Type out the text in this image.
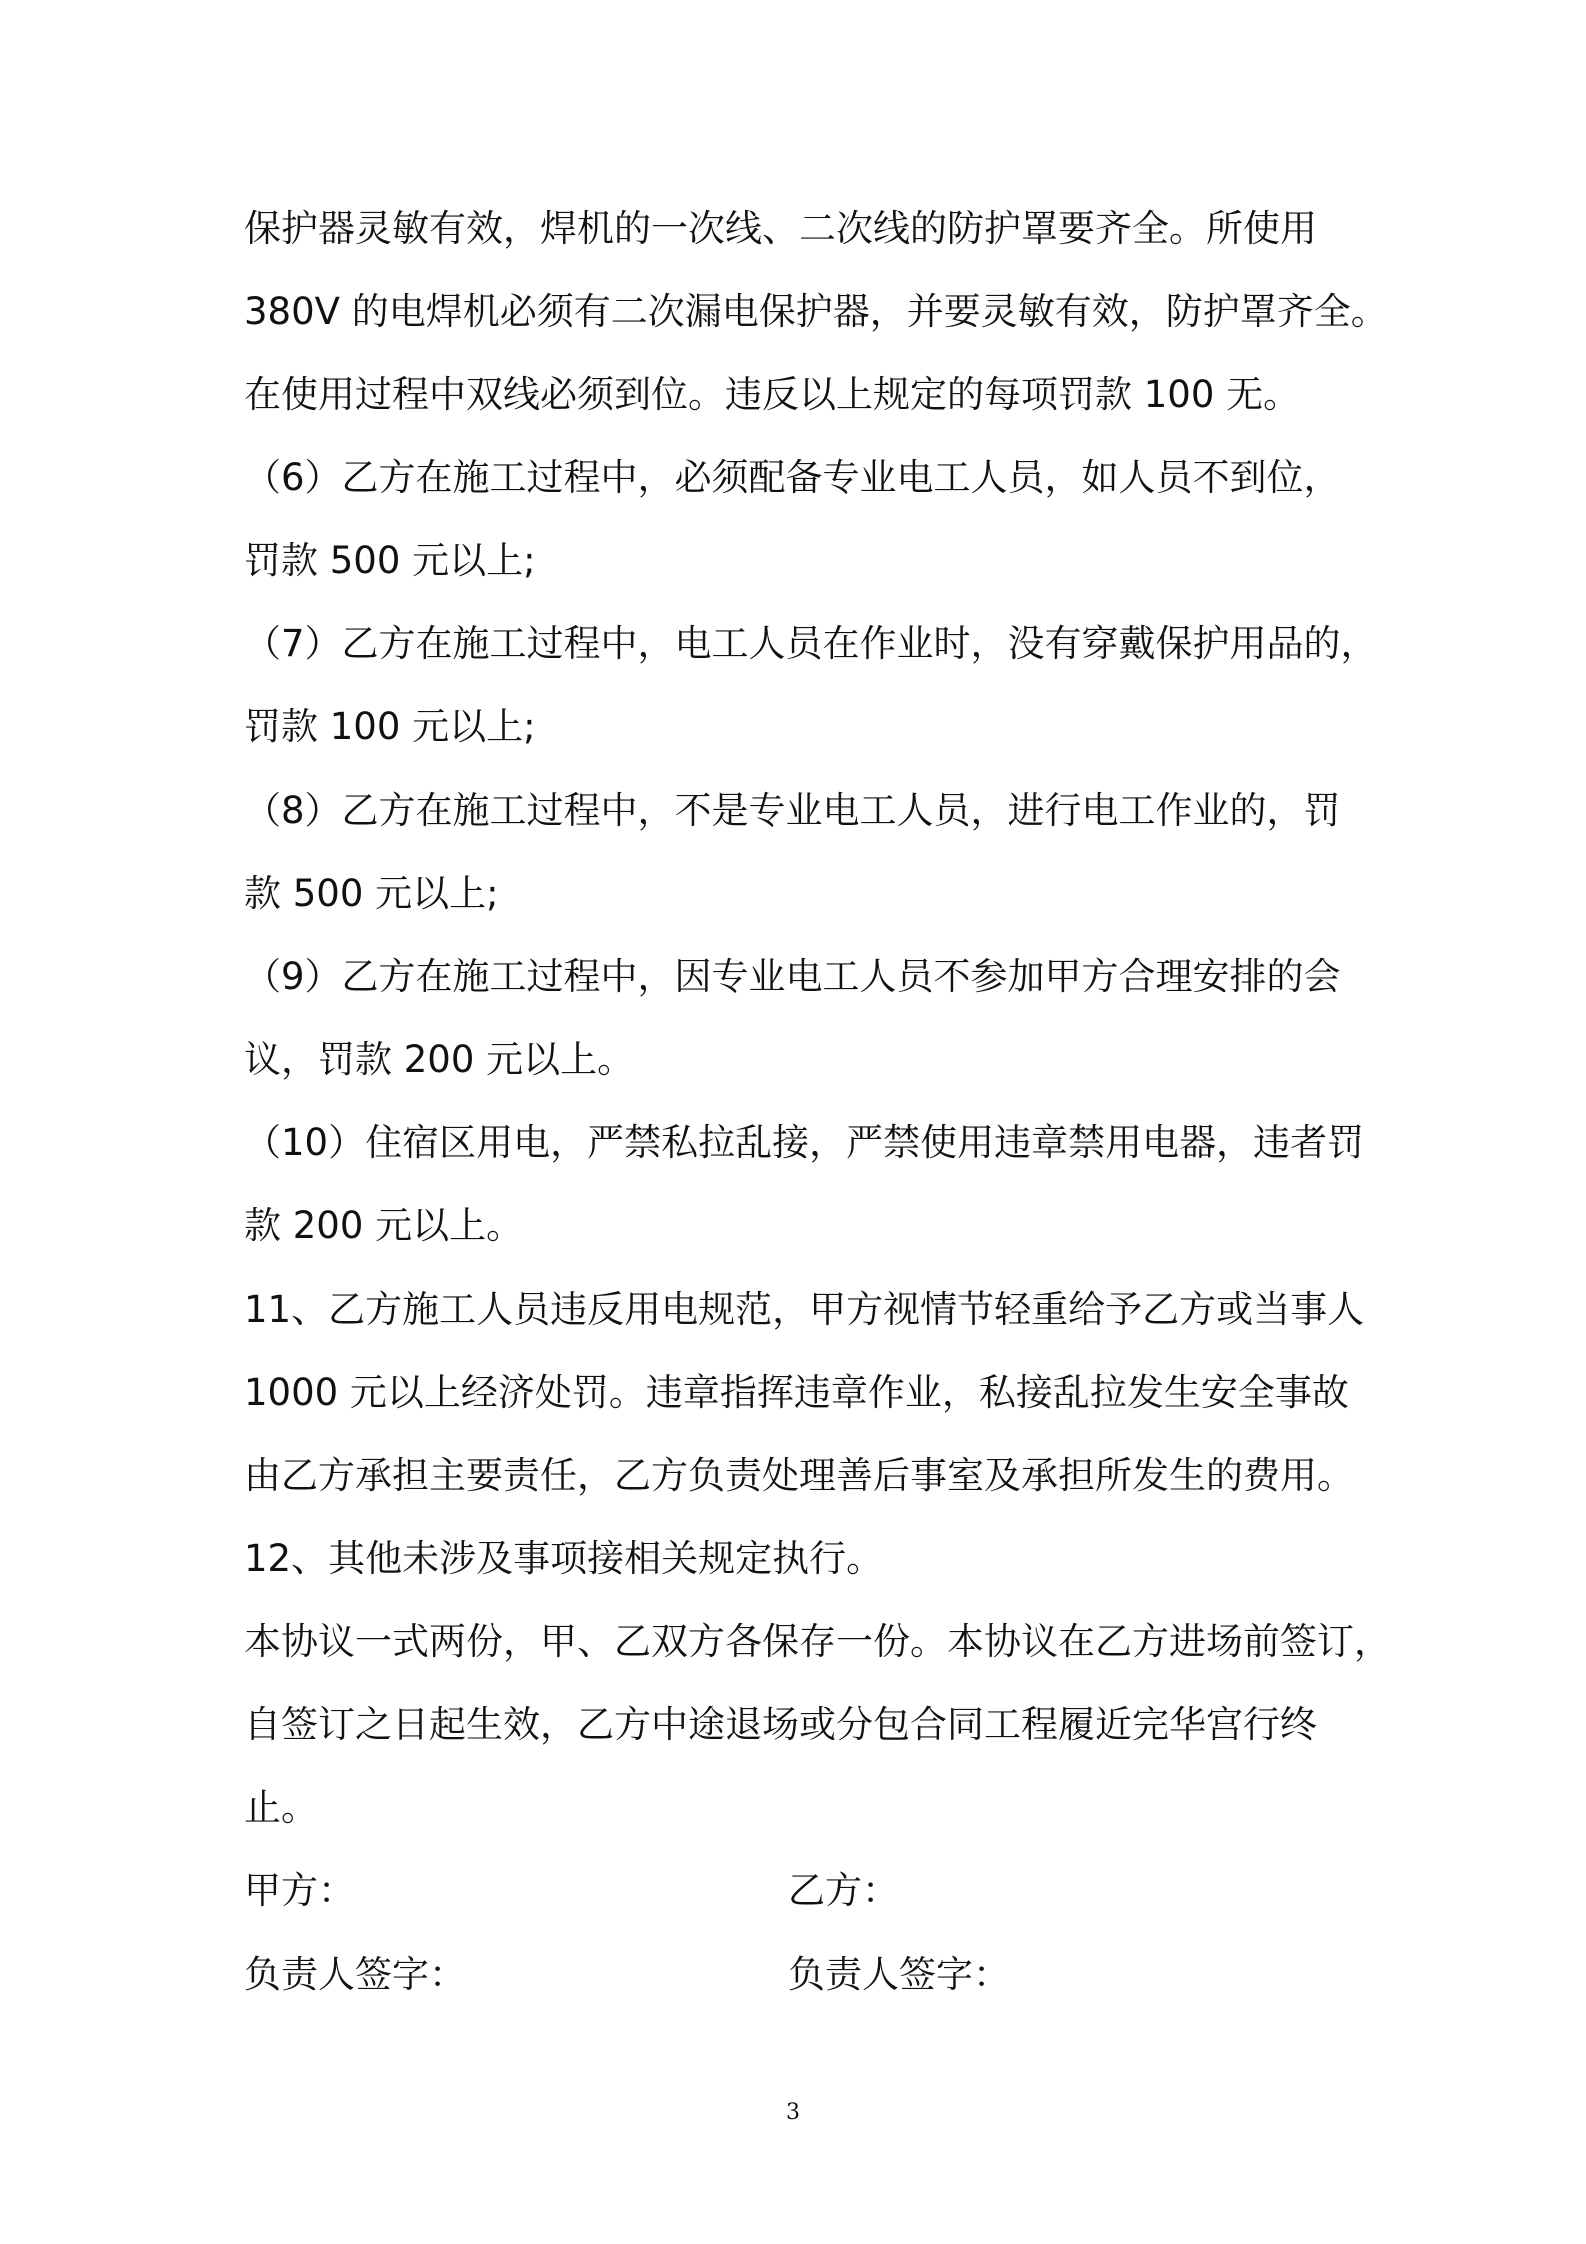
保护器灵敏有效，焊机的一次线、二次线的防护罩要齐全。所使用
380V 的电焊机必须有二次漏电保护器，并要灵敏有效，防护罩齐全。
在使用过程中双线必须到位。违反以上规定的每项罚款 100 无。
（6）乙方在施工过程中，必须配备专业电工人员，如人员不到位，
罚款 500 元以上;
（7）乙方在施工过程中，电工人员在作业时，没有穿戴保护用品的，
罚款 100 元以上;
（8）乙方在施工过程中，不是专业电工人员，进行电工作业的，罚
款 500 元以上;
（9）乙方在施工过程中，因专业电工人员不参加甲方合理安排的会
议，罚款 200 元以上。
（10）住宿区用电，严禁私拉乱接，严禁使用违章禁用电器，违者罚
款 200 元以上。
11、乙方施工人员违反用电规范，甲方视情节轻重给予乙方或当事人
1000 元以上经济处罚。违章指挥违章作业，私接乱拉发生安全事故
由乙方承担主要责任，乙方负责处理善后事室及承担所发生的费用。
12、其他未涉及事项接相关规定执行。
本协议一式两份，甲、乙双方各保存一份。本协议在乙方进场前签订，
自签订之日起生效，乙方中途退场或分包合同工程履近完华宫行终
止。
甲方：	乙方：
负责人签字：	负责人签字：
3
